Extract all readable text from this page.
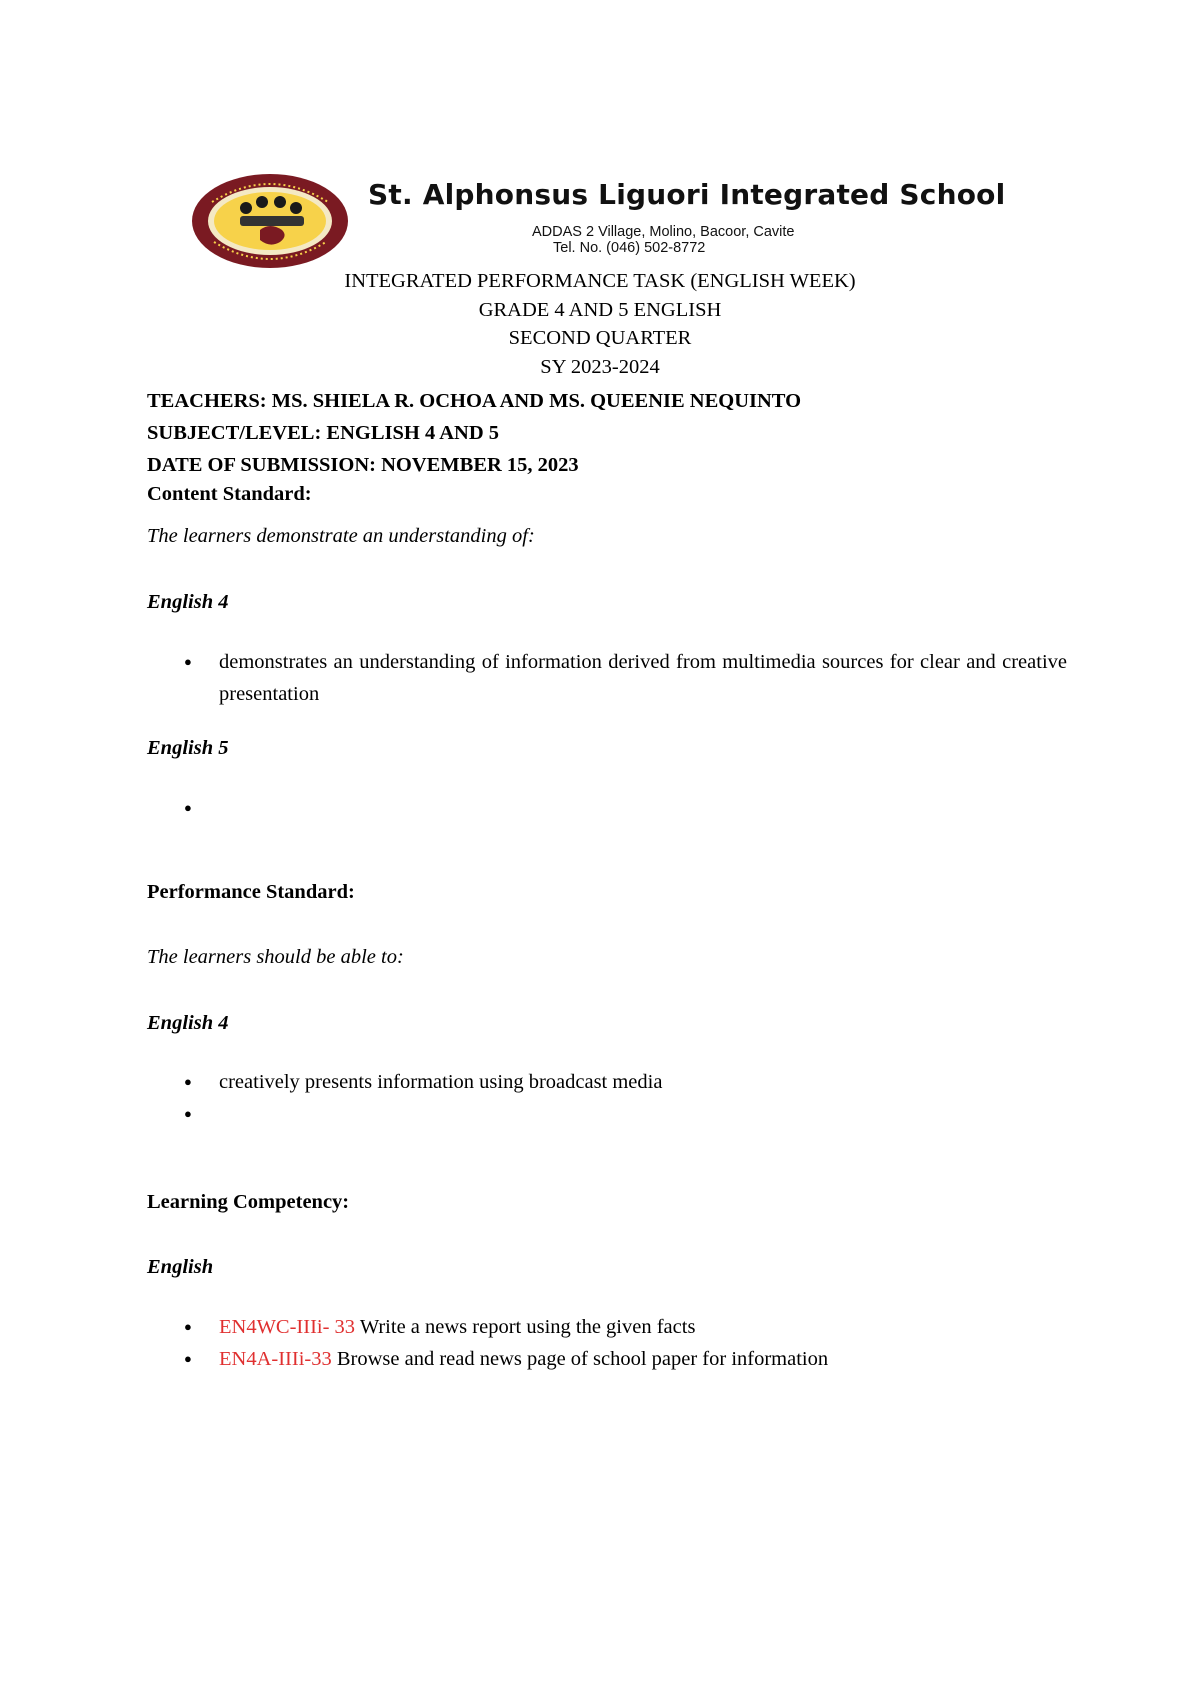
St. Alphonsus Liguori Integrated School
ADDAS 2 Village, Molino, Bacoor, Cavite
Tel. No. (046) 502-8772
INTEGRATED PERFORMANCE TASK (ENGLISH WEEK)
GRADE 4 AND 5 ENGLISH
SECOND QUARTER
SY 2023-2024
TEACHERS: MS. SHIELA R. OCHOA AND MS. QUEENIE NEQUINTO
SUBJECT/LEVEL: ENGLISH 4 AND 5
DATE OF SUBMISSION: NOVEMBER 15, 2023
Content Standard:
The learners demonstrate an understanding of:
English 4
● demonstrates an understanding of information derived from multimedia sources for clear and creative presentation
English 5
●

Performance Standard:
The learners should be able to:
English 4
● creatively presents information using broadcast media
●

Learning Competency:
English
● EN4WC-IIIi- 33 Write a news report using the given facts
● EN4A-IIIi-33 Browse and read news page of school paper for information
